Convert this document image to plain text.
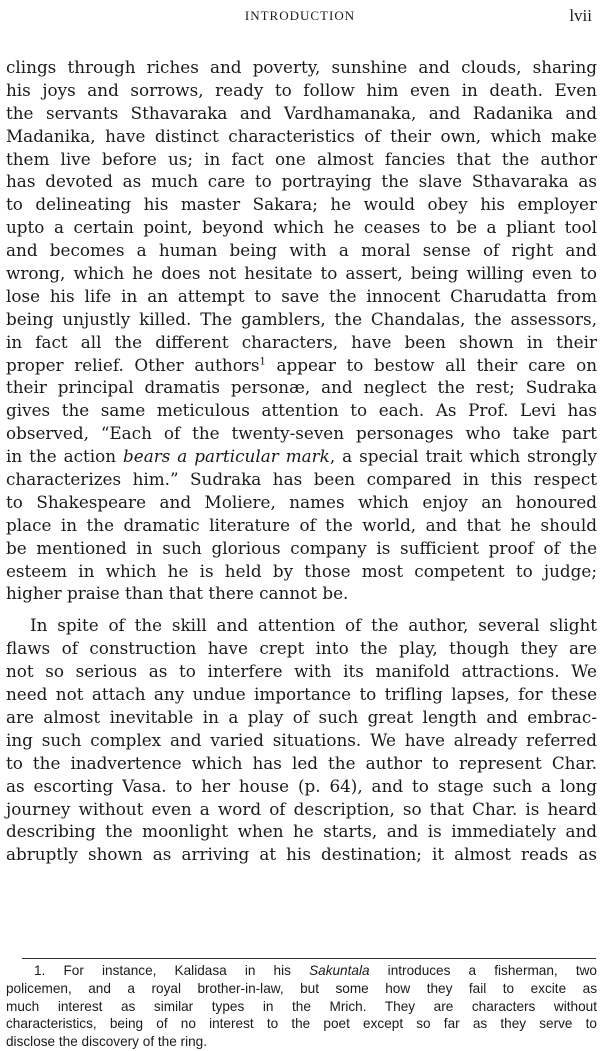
INTRODUCTION	lvii
clings through riches and poverty, sunshine and clouds, sharing
his joys and sorrows, ready to follow him even in death. Even
the servants Sthavaraka and Vardhamanaka, and Radanika and
Madanika, have distinct characteristics of their own, which make
them live before us; in fact one almost fancies that the author
has devoted as much care to portraying the slave Sthavaraka as
to delineating his master Sakara; he would obey his employer
upto a certain point, beyond which he ceases to be a pliant tool
and becomes a human being with a moral sense of right and
wrong, which he does not hesitate to assert, being willing even to
lose his life in an attempt to save the innocent Charudatta from
being unjustly killed. The gamblers, the Chandalas, the assessors,
in fact all the different characters, have been shown in their
proper relief. Other authors$^1$ appear to bestow all their care on
their principal dramatis personæ, and neglect the rest; Sudraka
gives the same meticulous attention to each. As Prof. Levi has
observed, “Each of the twenty-seven personages who take part
in the action bears a particular mark, a special trait which strongly
characterizes him.” Sudraka has been compared in this respect
to Shakespeare and Moliere, names which enjoy an honoured
place in the dramatic literature of the world, and that he should
be mentioned in such glorious company is sufficient proof of the
esteem in which he is held by those most competent to judge;
higher praise than that there cannot be.
In spite of the skill and attention of the author, several slight
flaws of construction have crept into the play, though they are
not so serious as to interfere with its manifold attractions. We
need not attach any undue importance to trifling lapses, for these
are almost inevitable in a play of such great length and embrac-
ing such complex and varied situations. We have already referred
to the inadvertence which has led the author to represent Char.
as escorting Vasa. to her house (p. 64), and to stage such a long
journey without even a word of description, so that Char. is heard
describing the moonlight when he starts, and is immediately and
abruptly shown as arriving at his destination; it almost reads as
1. For instance, Kalidasa in his Sakuntala introduces a fisherman, two
policemen, and a royal brother-in-law, but some how they fail to excite as
much interest as similar types in the Mrich. They are characters without
characteristics, being of no interest to the poet except so far as they serve to
disclose the discovery of the ring.
